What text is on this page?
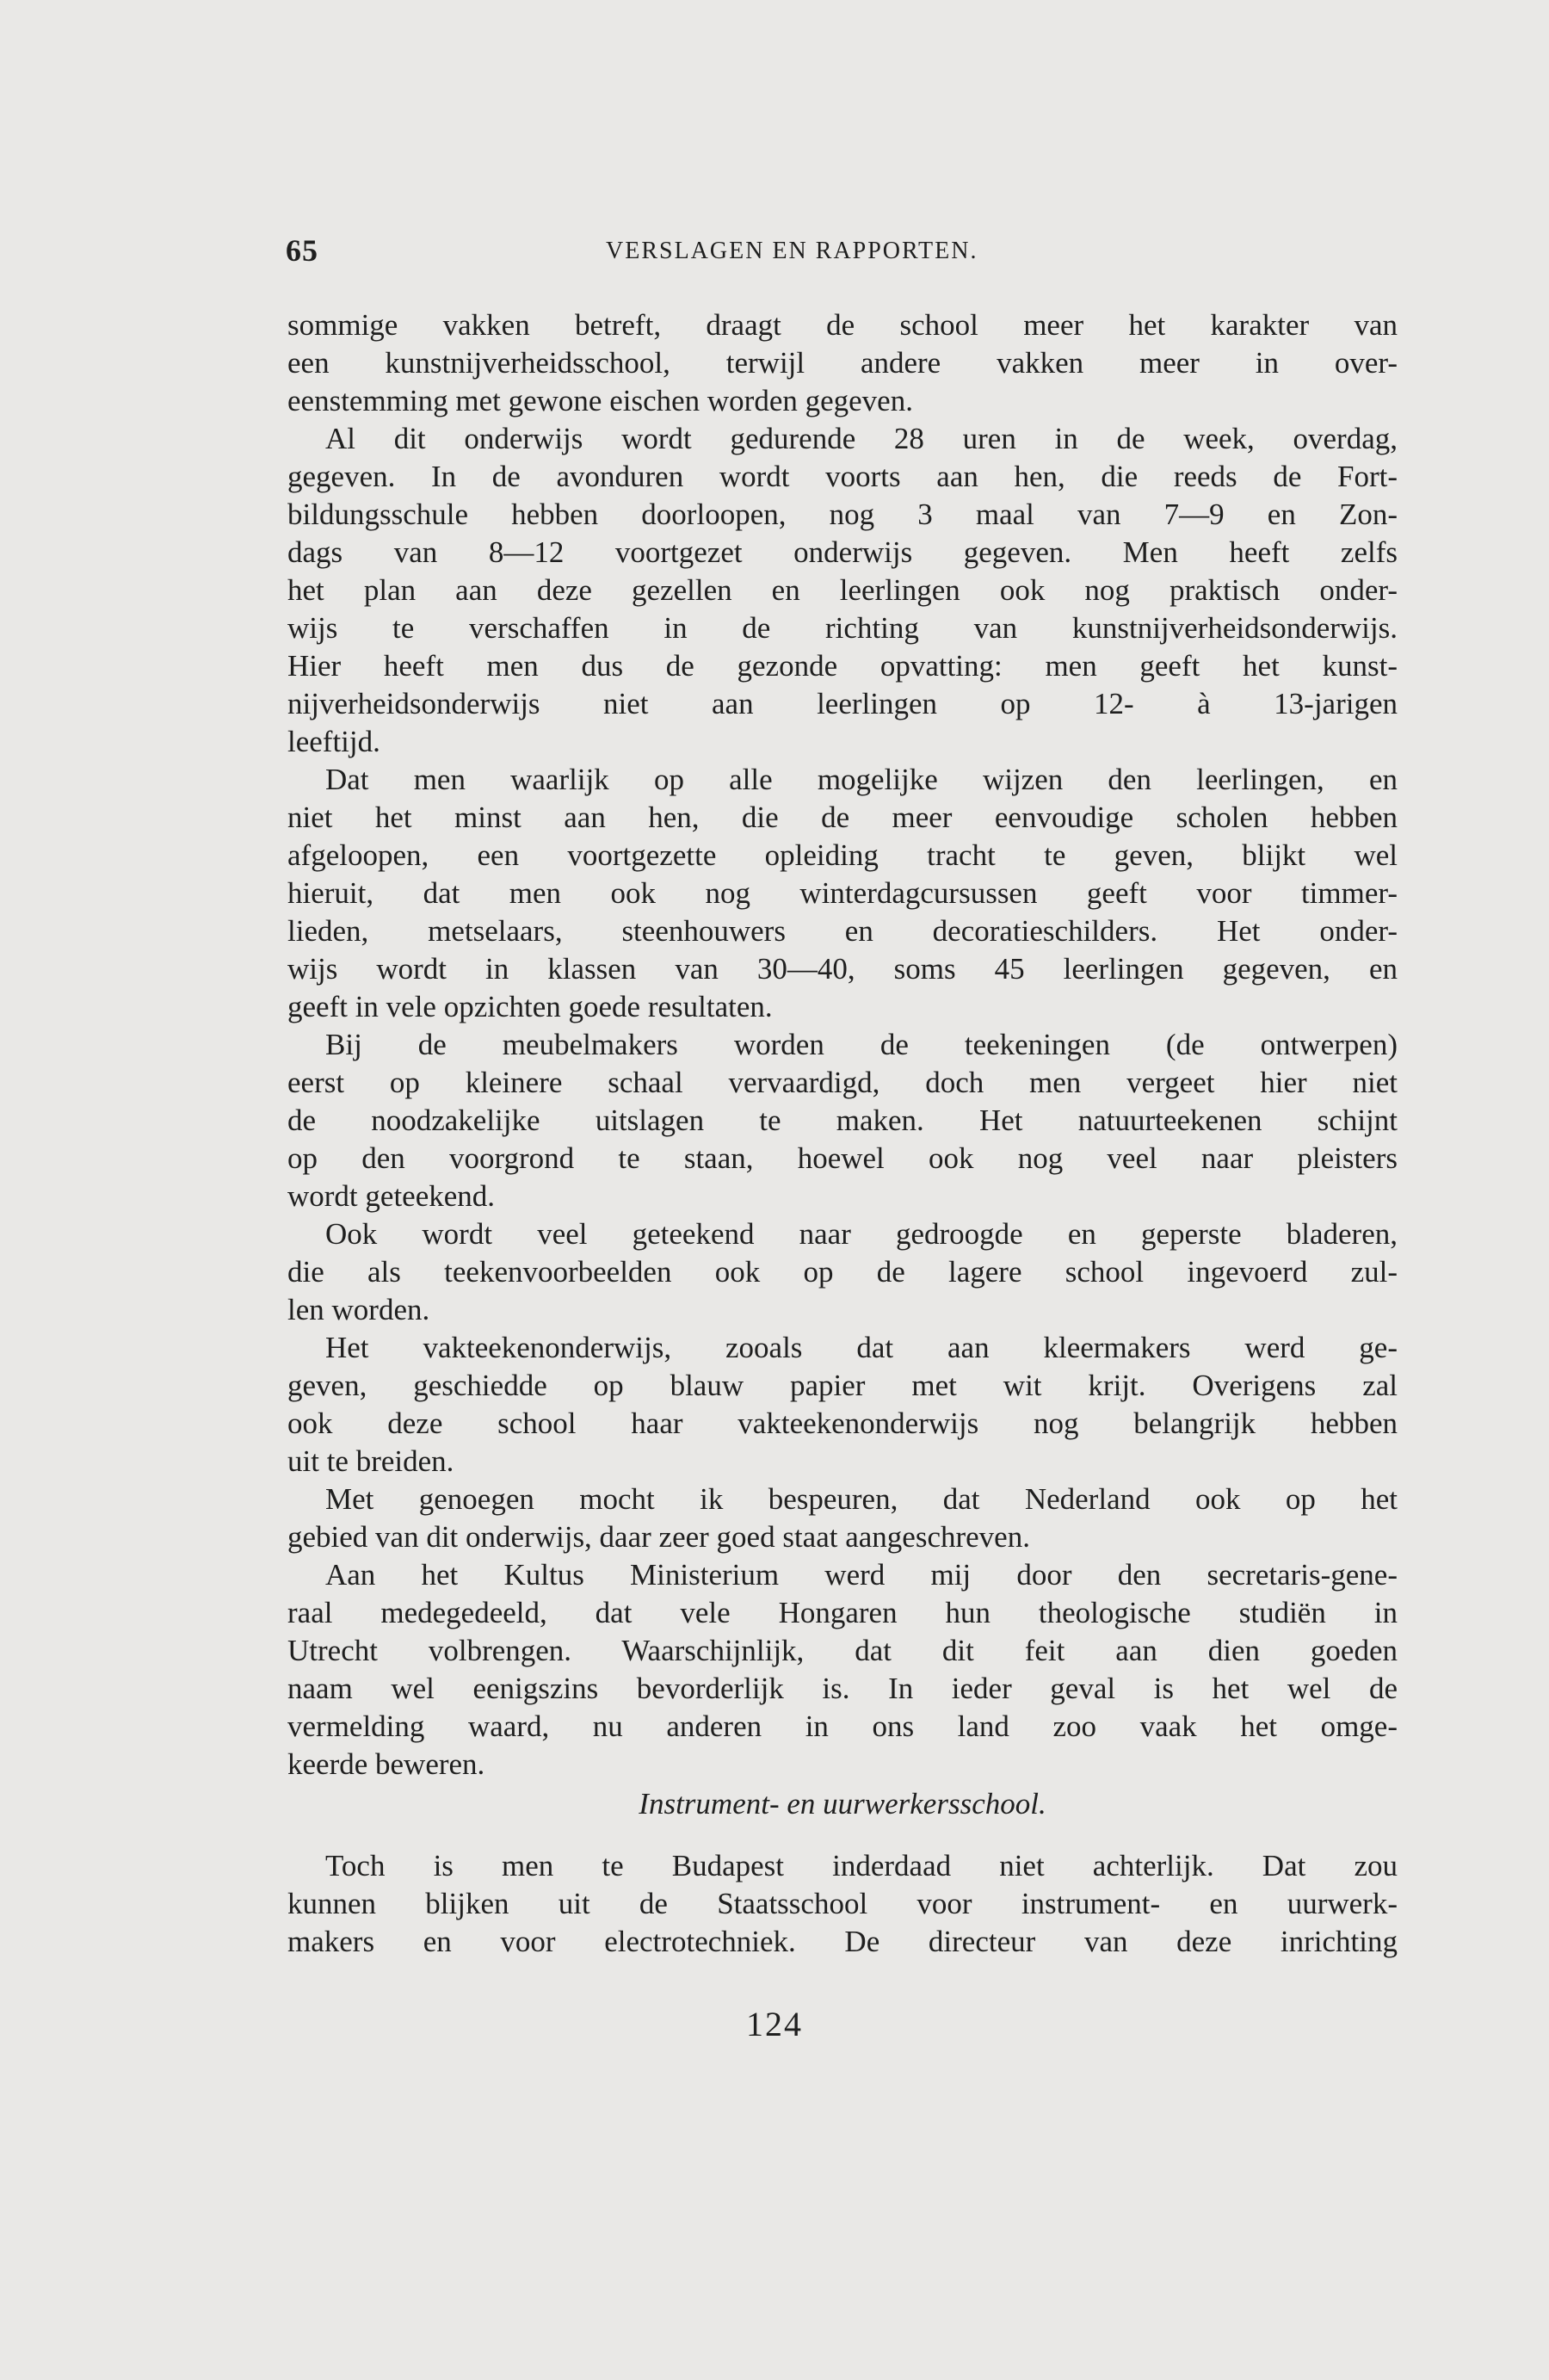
65	VERSLAGEN EN RAPPORTEN.
sommige vakken betreft, draagt de school meer het karakter van
een kunstnijverheidsschool, terwijl andere vakken meer in over-
eenstemming met gewone eischen worden gegeven.
Al dit onderwijs wordt gedurende 28 uren in de week, overdag,
gegeven. In de avonduren wordt voorts aan hen, die reeds de Fort-
bildungsschule hebben doorloopen, nog 3 maal van 7—9 en Zon-
dags van 8—12 voortgezet onderwijs gegeven. Men heeft zelfs
het plan aan deze gezellen en leerlingen ook nog praktisch onder-
wijs te verschaffen in de richting van kunstnijverheidsonderwijs.
Hier heeft men dus de gezonde opvatting: men geeft het kunst-
nijverheidsonderwijs niet aan leerlingen op 12- à 13-jarigen
leeftijd.
Dat men waarlijk op alle mogelijke wijzen den leerlingen, en
niet het minst aan hen, die de meer eenvoudige scholen hebben
afgeloopen, een voortgezette opleiding tracht te geven, blijkt wel
hieruit, dat men ook nog winterdagcursussen geeft voor timmer-
lieden, metselaars, steenhouwers en decoratieschilders. Het onder-
wijs wordt in klassen van 30—40, soms 45 leerlingen gegeven, en
geeft in vele opzichten goede resultaten.
Bij de meubelmakers worden de teekeningen (de ontwerpen)
eerst op kleinere schaal vervaardigd, doch men vergeet hier niet
de noodzakelijke uitslagen te maken. Het natuurteekenen schijnt
op den voorgrond te staan, hoewel ook nog veel naar pleisters
wordt geteekend.
Ook wordt veel geteekend naar gedroogde en geperste bladeren,
die als teekenvoorbeelden ook op de lagere school ingevoerd zul-
len worden.
Het vakteekenonderwijs, zooals dat aan kleermakers werd ge-
geven, geschiedde op blauw papier met wit krijt. Overigens zal
ook deze school haar vakteekenonderwijs nog belangrijk hebben
uit te breiden.
Met genoegen mocht ik bespeuren, dat Nederland ook op het
gebied van dit onderwijs, daar zeer goed staat aangeschreven.
Aan het Kultus Ministerium werd mij door den secretaris-gene-
raal medegedeeld, dat vele Hongaren hun theologische studiën in
Utrecht volbrengen. Waarschijnlijk, dat dit feit aan dien goeden
naam wel eenigszins bevorderlijk is. In ieder geval is het wel de
vermelding waard, nu anderen in ons land zoo vaak het omge-
keerde beweren.
Instrument- en uurwerkersschool.
Toch is men te Budapest inderdaad niet achterlijk. Dat zou
kunnen blijken uit de Staatsschool voor instrument- en uurwerk-
makers en voor electrotechniek. De directeur van deze inrichting
124
